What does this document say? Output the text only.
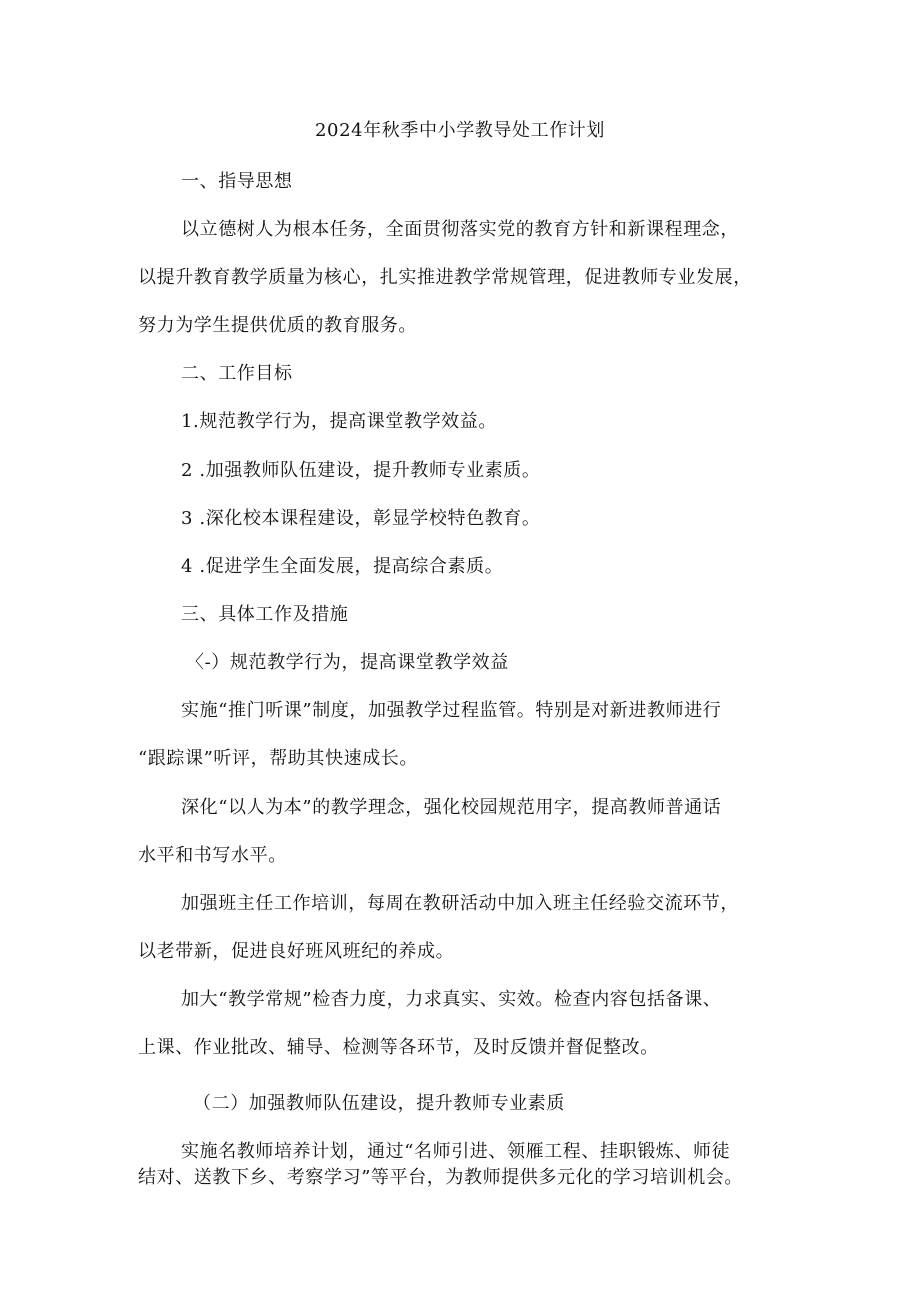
2024年秋季中小学教导处工作计划
一、指导思想
以立德树人为根本任务，全面贯彻落实党的教育方针和新课程理念，
以提升教育教学质量为核心，扎实推进教学常规管理，促进教师专业发展，
努力为学生提供优质的教育服务。
二、工作目标
1.规范教学行为，提高课堂教学效益。
2 .加强教师队伍建设，提升教师专业素质。
3 .深化校本课程建设，彰显学校特色教育。
4 .促进学生全面发展，提高综合素质。
三、具体工作及措施
〈-）规范教学行为，提高课堂教学效益
实施“推门听课”制度，加强教学过程监管。特别是对新进教师进行
“跟踪课”听评，帮助其快速成长。
深化“以人为本”的教学理念，强化校园规范用字，提高教师普通话
水平和书写水平。
加强班主任工作培训，每周在教研活动中加入班主任经验交流环节，
以老带新，促进良好班风班纪的养成。
加大“教学常规”检杳力度，力求真实、实效。检查内容包括备课、
上课、作业批改、辅导、检测等各环节，及时反馈并督促整改。
（二）加强教师队伍建设，提升教师专业素质
实施名教师培养计划，通过“名师引进、领雁工程、挂职锻炼、师徒
结对、送教下乡、考察学习”等平台，为教师提供多元化的学习培训机会。
